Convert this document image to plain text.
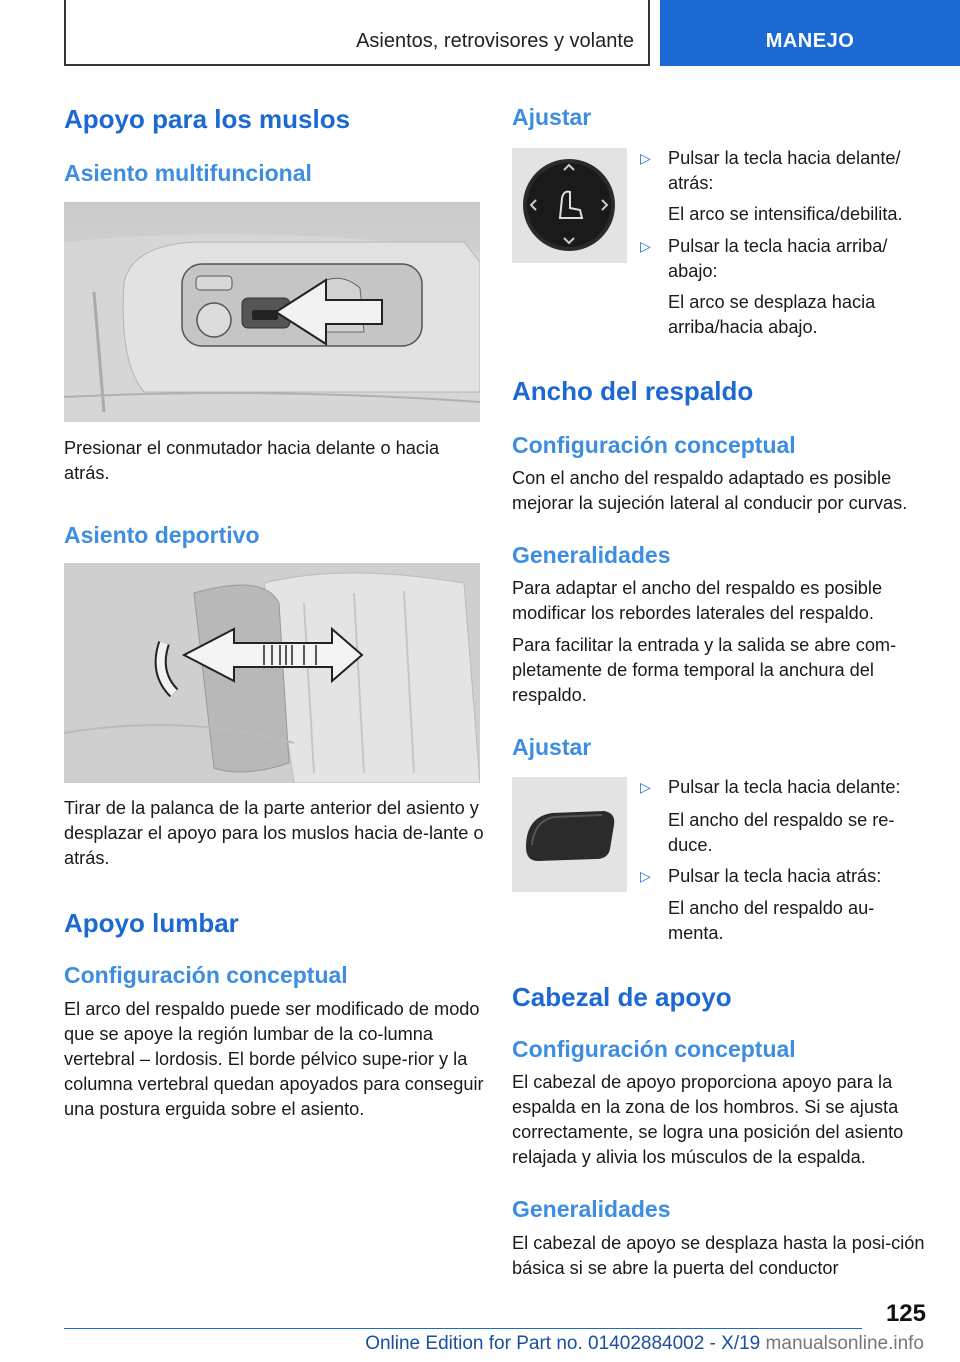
Asientos, retrovisores y volante	MANEJO
Apoyo para los muslos
Asiento multifuncional
Presionar el conmutador hacia delante o hacia atrás.
Asiento deportivo
Tirar de la palanca de la parte anterior del asiento y desplazar el apoyo para los muslos hacia de-lante o atrás.
Apoyo lumbar
Configuración conceptual
El arco del respaldo puede ser modificado de modo que se apoye la región lumbar de la co-lumna vertebral – lordosis. El borde pélvico supe-rior y la columna vertebral quedan apoyados para conseguir una postura erguida sobre el asiento.
Ajustar
▷ Pulsar la tecla hacia delante/ atrás:
El arco se intensifica/debilita.
▷ Pulsar la tecla hacia arriba/ abajo:
El arco se desplaza hacia arriba/hacia abajo.
Ancho del respaldo
Configuración conceptual
Con el ancho del respaldo adaptado es posible mejorar la sujeción lateral al conducir por curvas.
Generalidades
Para adaptar el ancho del respaldo es posible modificar los rebordes laterales del respaldo.
Para facilitar la entrada y la salida se abre com-pletamente de forma temporal la anchura del respaldo.
Ajustar
▷ Pulsar la tecla hacia delante:
El ancho del respaldo se re-duce.
▷ Pulsar la tecla hacia atrás:
El ancho del respaldo au-menta.
Cabezal de apoyo
Configuración conceptual
El cabezal de apoyo proporciona apoyo para la espalda en la zona de los hombros. Si se ajusta correctamente, se logra una posición del asiento relajada y alivia los músculos de la espalda.
Generalidades
El cabezal de apoyo se desplaza hasta la posi-ción básica si se abre la puerta del conductor
125
Online Edition for Part no. 01402884002 - X/19 manualsonline.info
